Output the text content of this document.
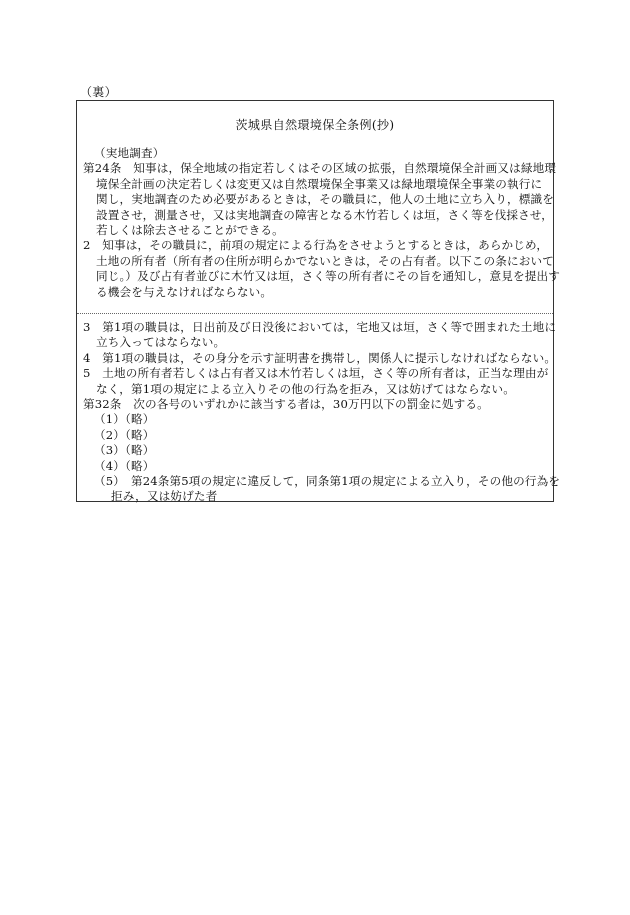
（裏）
茨城県自然環境保全条例(抄)
（実地調査）
第24条　知事は，保全地域の指定若しくはその区域の拡張，自然環境保全計画又は緑地環
境保全計画の決定若しくは変更又は自然環境保全事業又は緑地環境保全事業の執行に
関し，実地調査のため必要があるときは，その職員に，他人の土地に立ち入り，標識を
設置させ，測量させ，又は実地調査の障害となる木竹若しくは垣，さく等を伐採させ，
若しくは除去させることができる。
2　知事は，その職員に，前項の規定による行為をさせようとするときは，あらかじめ，
土地の所有者（所有者の住所が明らかでないときは，その占有者。以下この条において
同じ。）及び占有者並びに木竹又は垣，さく等の所有者にその旨を通知し，意見を提出す
る機会を与えなければならない。
3　第1項の職員は，日出前及び日没後においては，宅地又は垣，さく等で囲まれた土地に
立ち入ってはならない。
4　第1項の職員は，その身分を示す証明書を携帯し，関係人に提示しなければならない。
5　土地の所有者若しくは占有者又は木竹若しくは垣，さく等の所有者は，正当な理由が
なく，第1項の規定による立入りその他の行為を拒み，又は妨げてはならない。
第32条　次の各号のいずれかに該当する者は，30万円以下の罰金に処する。
（1）（略）
（2）（略）
（3）（略）
（4）（略）
（5）　第24条第5項の規定に違反して，同条第1項の規定による立入り，その他の行為を
拒み，又は妨げた者
